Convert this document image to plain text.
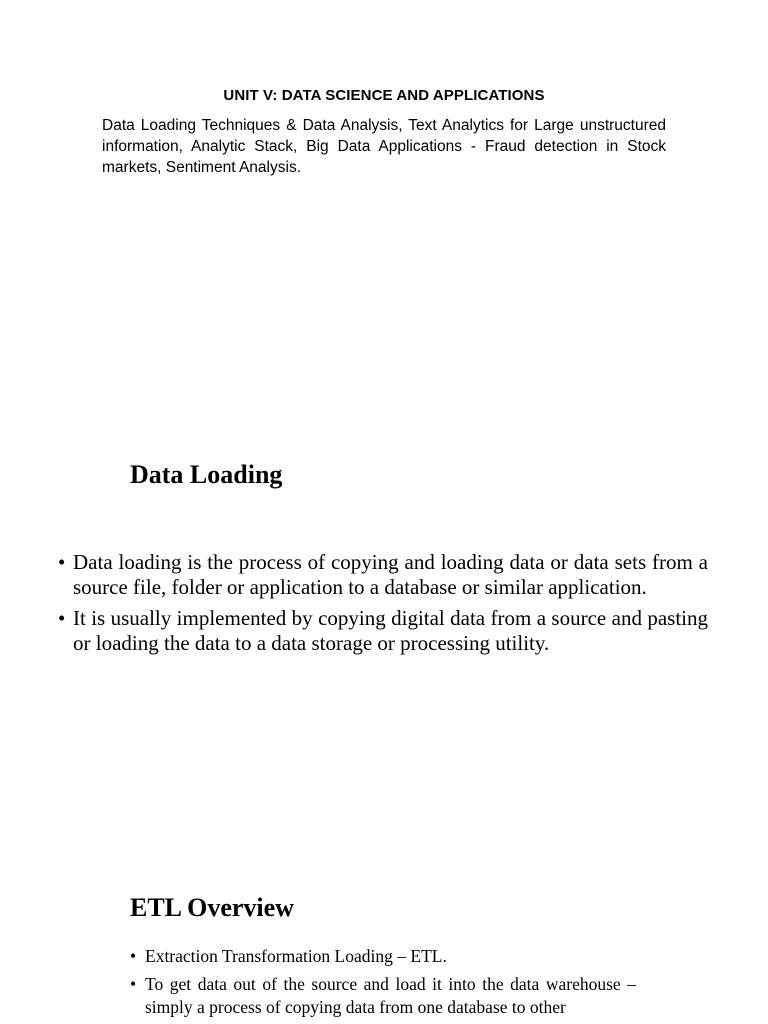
UNIT V: DATA SCIENCE AND APPLICATIONS

Data Loading Techniques & Data Analysis, Text Analytics for Large unstructured information, Analytic Stack, Big Data Applications - Fraud detection in Stock markets, Sentiment Analysis.

Data Loading
• Data loading is the process of copying and loading data or data sets from a source file, folder or application to a database or similar application.
• It is usually implemented by copying digital data from a source and pasting or loading the data to a data storage or processing utility.
ETL Overview
• Extraction Transformation Loading – ETL.
• To get data out of the source and load it into the data warehouse – simply a process of copying data from one database to other
